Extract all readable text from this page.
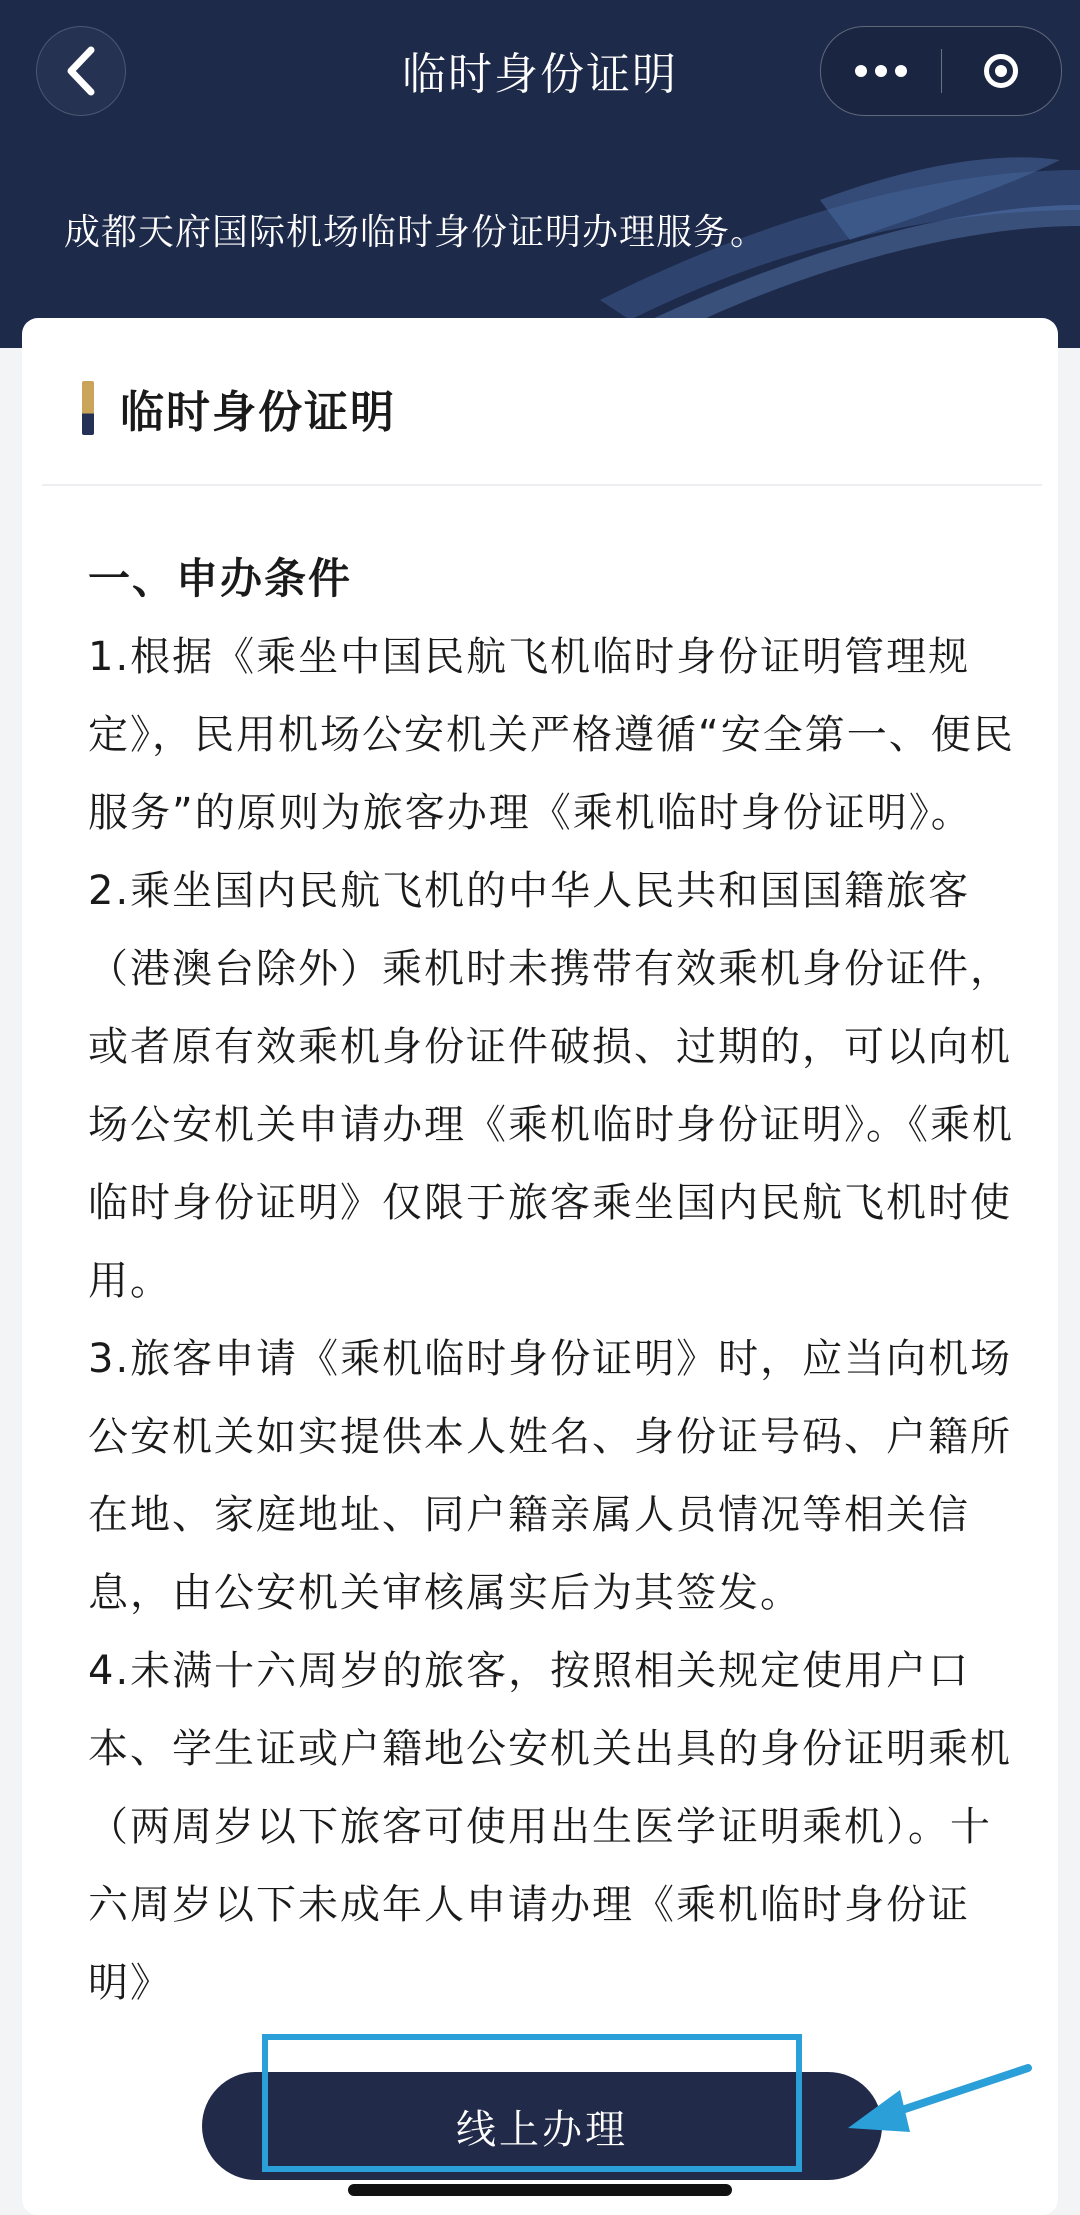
临时身份证明
成都天府国际机场临时身份证明办理服务。
临时身份证明
一、申办条件

1.根据《乘坐中国民航飞机临时身份证明管理规定》，民用机场公安机关严格遵循“安全第一、便民服务”的原则为旅客办理《乘机临时身份证明》。

2.乘坐国内民航飞机的中华人民共和国国籍旅客（港澳台除外）乘机时未携带有效乘机身份证件，或者原有效乘机身份证件破损、过期的，可以向机场公安机关申请办理《乘机临时身份证明》。《乘机临时身份证明》仅限于旅客乘坐国内民航飞机时使用。

3.旅客申请《乘机临时身份证明》时，应当向机场公安机关如实提供本人姓名、身份证号码、户籍所在地、家庭地址、同户籍亲属人员情况等相关信息，由公安机关审核属实后为其签发。

4.未满十六周岁的旅客，按照相关规定使用户口本、学生证或户籍地公安机关出具的身份证明乘机（两周岁以下旅客可使用出生医学证明乘机）。十六周岁以下未成年人申请办理《乘机临时身份证明》

线上办理
